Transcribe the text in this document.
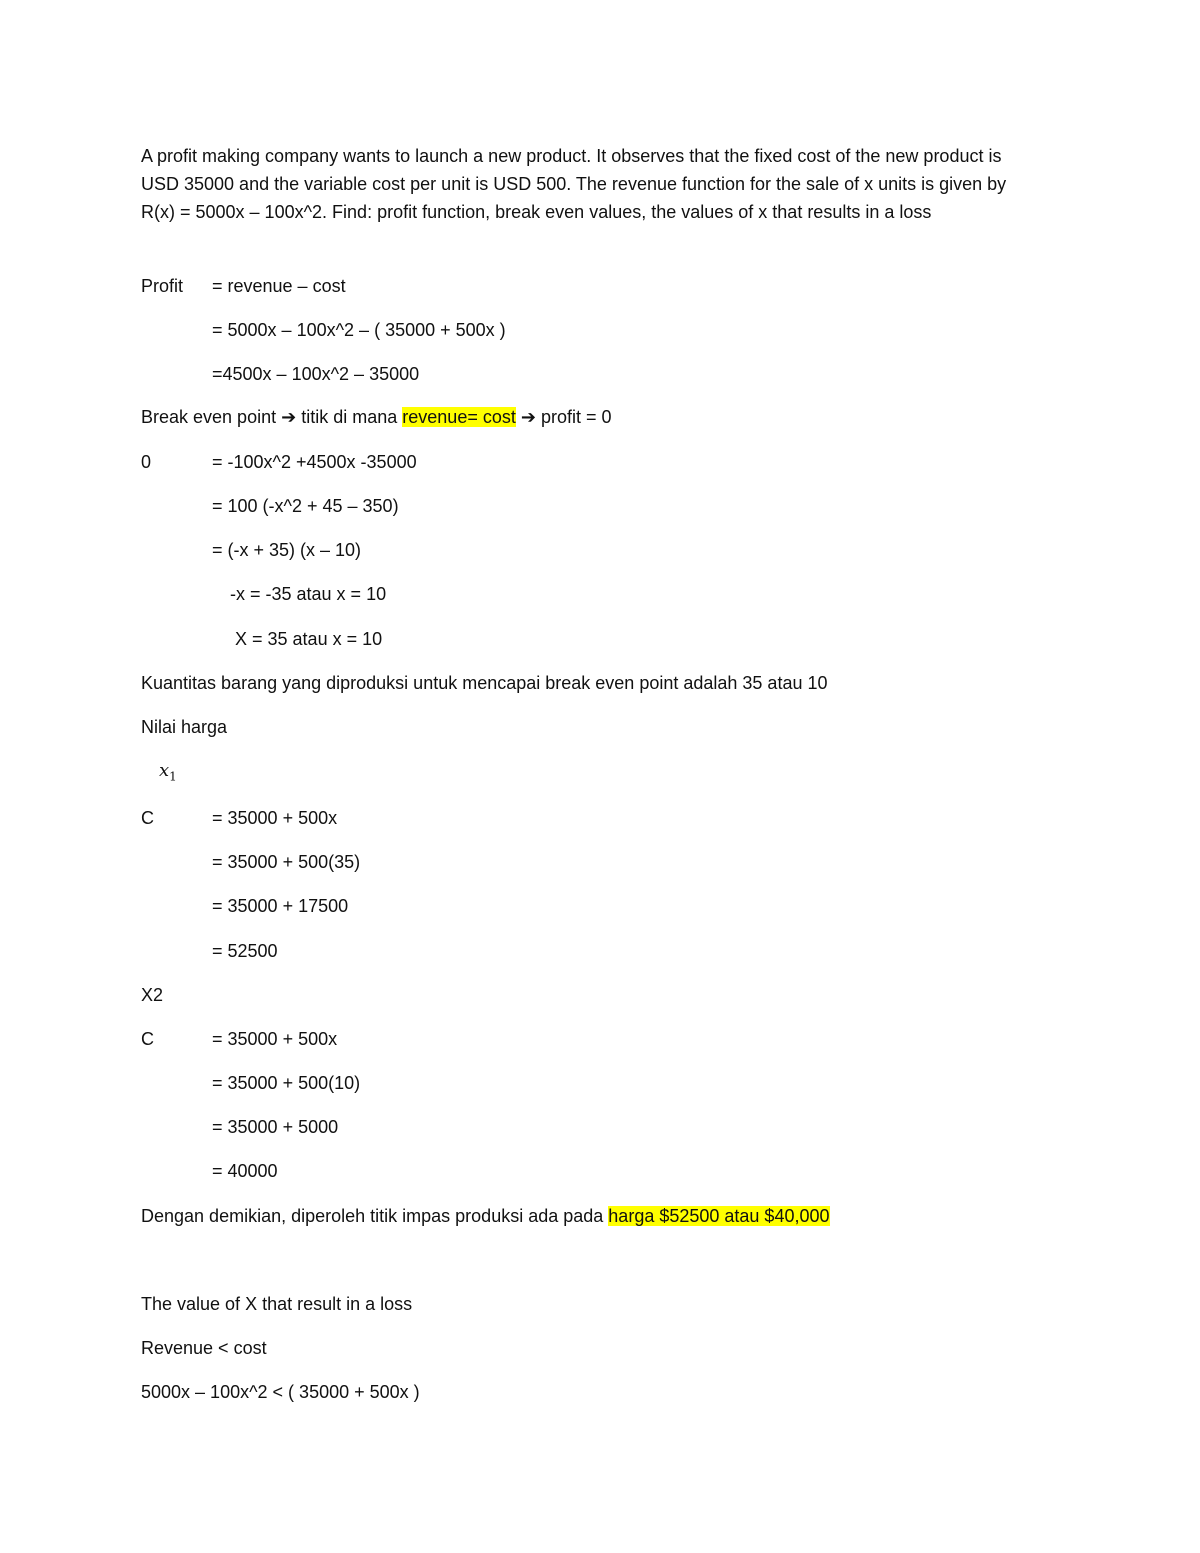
A profit making company wants to launch a new product. It observes that the fixed cost of the new product is USD 35000 and the variable cost per unit is USD 500. The revenue function for the sale of x units is given by R(x) = 5000x – 100x^2. Find: profit function, break even values, the values of x that results in a loss

Profit = revenue – cost
= 5000x – 100x^2 – ( 35000 + 500x )
=4500x – 100x^2 – 35000
Break even point ➔ titik di mana revenue= cost ➔ profit = 0
0	= -100x^2 +4500x -35000
= 100 (-x^2 + 45 – 350)
= (-x + 35) (x – 10)
-x = -35 atau x = 10
X = 35 atau x = 10
Kuantitas barang yang diproduksi untuk mencapai break even point adalah 35 atau 10
Nilai harga
$x_1$
C	= 35000 + 500x
= 35000 + 500(35)
= 35000 + 17500
= 52500
X2
C	= 35000 + 500x
= 35000 + 500(10)
= 35000 + 5000
= 40000
Dengan demikian, diperoleh titik impas produksi ada pada harga $52500 atau $40,000
The value of X that result in a loss
Revenue < cost
5000x – 100x^2 < ( 35000 + 500x )
